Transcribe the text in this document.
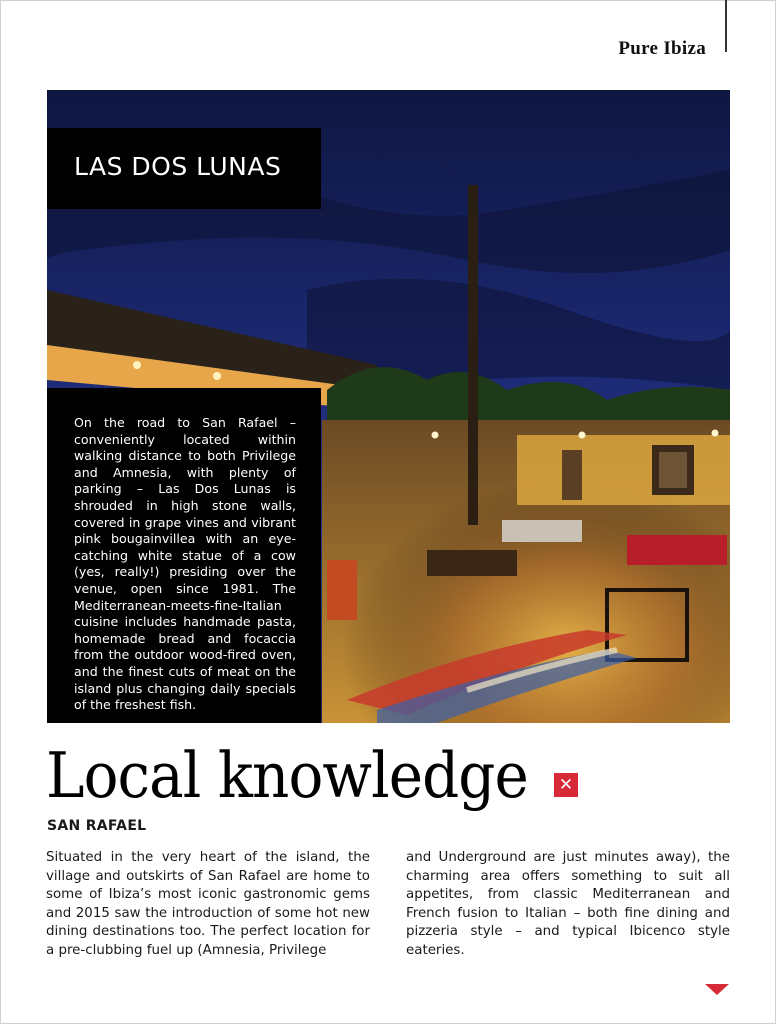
Pure Ibiza
LAS DOS LUNAS

On the road to San Rafael – conveniently located within walking distance to both Privilege and Amnesia, with plenty of parking – Las Dos Lunas is shrouded in high stone walls, covered in grape vines and vibrant pink bougainvillea with an eye-catching white statue of a cow (yes, really!) presiding over the venue, open since 1981. The Mediterranean-meets-fine-Italian cuisine includes handmade pasta, homemade bread and focaccia from the outdoor wood-fired oven, and the finest cuts of meat on the island plus changing daily specials of the freshest fish.

Local knowledge ✕
SAN RAFAEL

Situated in the very heart of the island, the village and outskirts of San Rafael are home to some of Ibiza’s most iconic gastronomic gems and 2015 saw the introduction of some hot new dining destinations too. The perfect location for a pre-clubbing fuel up (Amnesia, Privilege

and Underground are just minutes away), the charming area offers something to suit all appetites, from classic Mediterranean and French fusion to Italian – both fine dining and pizzeria style – and typical Ibicenco style eateries.
